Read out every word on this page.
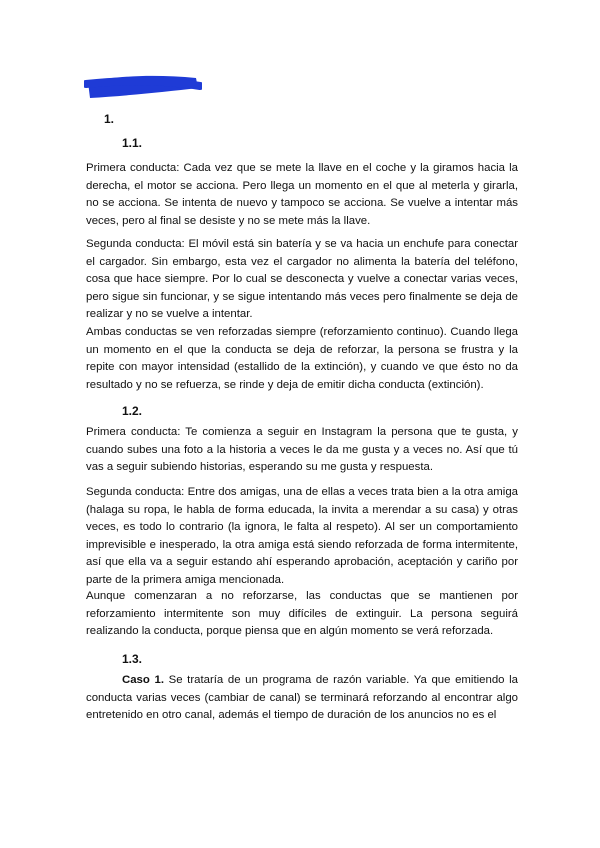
1.
1.1.

Primera conducta: Cada vez que se mete la llave en el coche y la giramos hacia la derecha, el motor se acciona. Pero llega un momento en el que al meterla y girarla, no se acciona. Se intenta de nuevo y tampoco se acciona. Se vuelve a intentar más veces, pero al final se desiste y no se mete más la llave.

Segunda conducta: El móvil está sin batería y se va hacia un enchufe para conectar el cargador. Sin embargo, esta vez el cargador no alimenta la batería del teléfono, cosa que hace siempre. Por lo cual se desconecta y vuelve a conectar varias veces, pero sigue sin funcionar, y se sigue intentando más veces pero finalmente se deja de realizar y no se vuelve a intentar.

Ambas conductas se ven reforzadas siempre (reforzamiento continuo). Cuando llega un momento en el que la conducta se deja de reforzar, la persona se frustra y la repite con mayor intensidad (estallido de la extinción), y cuando ve que ésto no da resultado y no se refuerza, se rinde y deja de emitir dicha conducta (extinción).

1.2.

Primera conducta: Te comienza a seguir en Instagram la persona que te gusta, y cuando subes una foto a la historia a veces le da me gusta y a veces no. Así que tú vas a seguir subiendo historias, esperando su me gusta y respuesta.

Segunda conducta: Entre dos amigas, una de ellas a veces trata bien a la otra amiga (halaga su ropa, le habla de forma educada, la invita a merendar a su casa) y otras veces, es todo lo contrario (la ignora, le falta al respeto). Al ser un comportamiento imprevisible e inesperado, la otra amiga está siendo reforzada de forma intermitente, así que ella va a seguir estando ahí esperando aprobación, aceptación y cariño por parte de la primera amiga mencionada.

Aunque comenzaran a no reforzarse, las conductas que se mantienen por reforzamiento intermitente son muy difíciles de extinguir. La persona seguirá realizando la conducta, porque piensa que en algún momento se verá reforzada.

1.3.

Caso 1. Se trataría de un programa de razón variable. Ya que emitiendo la conducta varias veces (cambiar de canal) se terminará reforzando al encontrar algo entretenido en otro canal, además el tiempo de duración de los anuncios no es el
